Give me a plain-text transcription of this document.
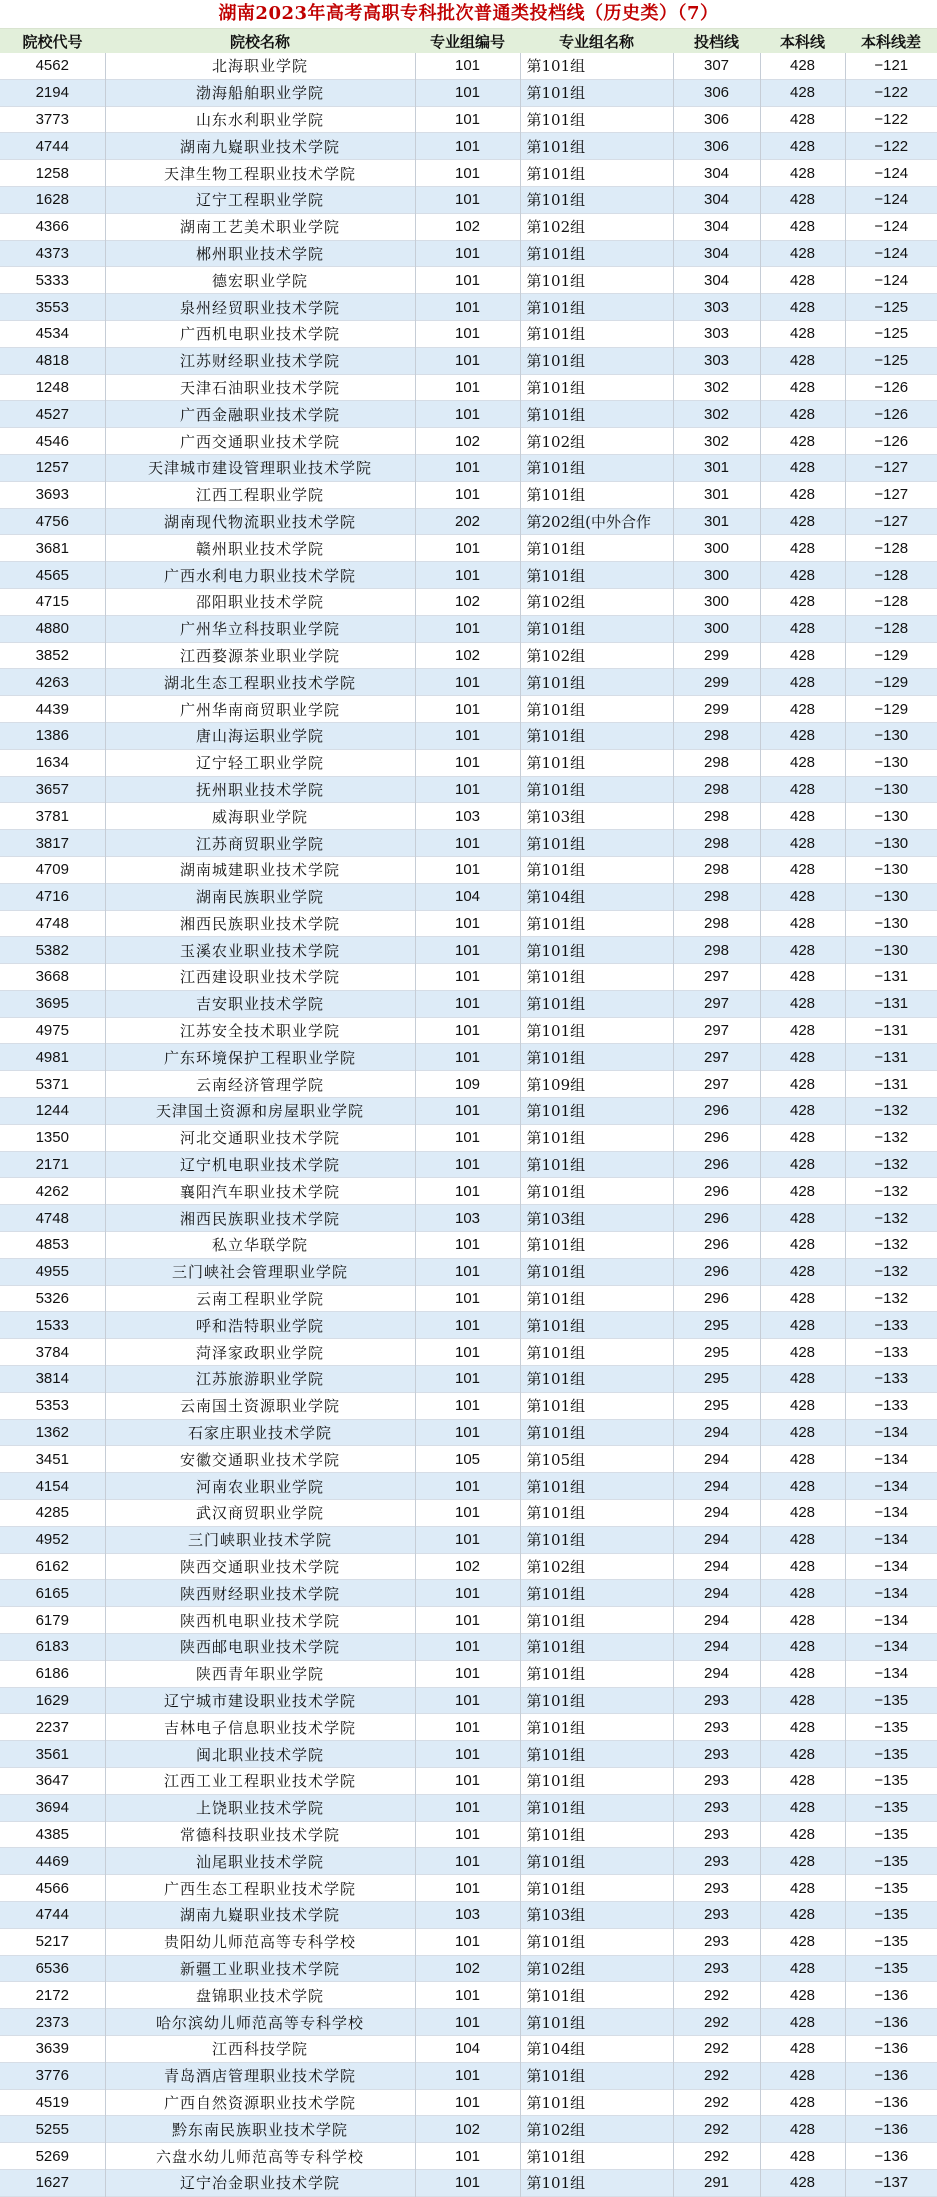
湖南2023年高考高职专科批次普通类投档线（历史类）（7）
院校代号	院校名称	专业组编号	专业组名称	投档线	本科线	本科线差
4562	北海职业学院	101	第101组	307	428	−121
2194	渤海船舶职业学院	101	第101组	306	428	−122
3773	山东水利职业学院	101	第101组	306	428	−122
4744	湖南九嶷职业技术学院	101	第101组	306	428	−122
1258	天津生物工程职业技术学院	101	第101组	304	428	−124
1628	辽宁工程职业学院	101	第101组	304	428	−124
4366	湖南工艺美术职业学院	102	第102组	304	428	−124
4373	郴州职业技术学院	101	第101组	304	428	−124
5333	德宏职业学院	101	第101组	304	428	−124
3553	泉州经贸职业技术学院	101	第101组	303	428	−125
4534	广西机电职业技术学院	101	第101组	303	428	−125
4818	江苏财经职业技术学院	101	第101组	303	428	−125
1248	天津石油职业技术学院	101	第101组	302	428	−126
4527	广西金融职业技术学院	101	第101组	302	428	−126
4546	广西交通职业技术学院	102	第102组	302	428	−126
1257	天津城市建设管理职业技术学院	101	第101组	301	428	−127
3693	江西工程职业学院	101	第101组	301	428	−127
4756	湖南现代物流职业技术学院	202	第202组(中外合作	301	428	−127
3681	赣州职业技术学院	101	第101组	300	428	−128
4565	广西水利电力职业技术学院	101	第101组	300	428	−128
4715	邵阳职业技术学院	102	第102组	300	428	−128
4880	广州华立科技职业学院	101	第101组	300	428	−128
3852	江西婺源茶业职业学院	102	第102组	299	428	−129
4263	湖北生态工程职业技术学院	101	第101组	299	428	−129
4439	广州华南商贸职业学院	101	第101组	299	428	−129
1386	唐山海运职业学院	101	第101组	298	428	−130
1634	辽宁轻工职业学院	101	第101组	298	428	−130
3657	抚州职业技术学院	101	第101组	298	428	−130
3781	威海职业学院	103	第103组	298	428	−130
3817	江苏商贸职业学院	101	第101组	298	428	−130
4709	湖南城建职业技术学院	101	第101组	298	428	−130
4716	湖南民族职业学院	104	第104组	298	428	−130
4748	湘西民族职业技术学院	101	第101组	298	428	−130
5382	玉溪农业职业技术学院	101	第101组	298	428	−130
3668	江西建设职业技术学院	101	第101组	297	428	−131
3695	吉安职业技术学院	101	第101组	297	428	−131
4975	江苏安全技术职业学院	101	第101组	297	428	−131
4981	广东环境保护工程职业学院	101	第101组	297	428	−131
5371	云南经济管理学院	109	第109组	297	428	−131
1244	天津国土资源和房屋职业学院	101	第101组	296	428	−132
1350	河北交通职业技术学院	101	第101组	296	428	−132
2171	辽宁机电职业技术学院	101	第101组	296	428	−132
4262	襄阳汽车职业技术学院	101	第101组	296	428	−132
4748	湘西民族职业技术学院	103	第103组	296	428	−132
4853	私立华联学院	101	第101组	296	428	−132
4955	三门峡社会管理职业学院	101	第101组	296	428	−132
5326	云南工程职业学院	101	第101组	296	428	−132
1533	呼和浩特职业学院	101	第101组	295	428	−133
3784	菏泽家政职业学院	101	第101组	295	428	−133
3814	江苏旅游职业学院	101	第101组	295	428	−133
5353	云南国土资源职业学院	101	第101组	295	428	−133
1362	石家庄职业技术学院	101	第101组	294	428	−134
3451	安徽交通职业技术学院	105	第105组	294	428	−134
4154	河南农业职业学院	101	第101组	294	428	−134
4285	武汉商贸职业学院	101	第101组	294	428	−134
4952	三门峡职业技术学院	101	第101组	294	428	−134
6162	陕西交通职业技术学院	102	第102组	294	428	−134
6165	陕西财经职业技术学院	101	第101组	294	428	−134
6179	陕西机电职业技术学院	101	第101组	294	428	−134
6183	陕西邮电职业技术学院	101	第101组	294	428	−134
6186	陕西青年职业学院	101	第101组	294	428	−134
1629	辽宁城市建设职业技术学院	101	第101组	293	428	−135
2237	吉林电子信息职业技术学院	101	第101组	293	428	−135
3561	闽北职业技术学院	101	第101组	293	428	−135
3647	江西工业工程职业技术学院	101	第101组	293	428	−135
3694	上饶职业技术学院	101	第101组	293	428	−135
4385	常德科技职业技术学院	101	第101组	293	428	−135
4469	汕尾职业技术学院	101	第101组	293	428	−135
4566	广西生态工程职业技术学院	101	第101组	293	428	−135
4744	湖南九嶷职业技术学院	103	第103组	293	428	−135
5217	贵阳幼儿师范高等专科学校	101	第101组	293	428	−135
6536	新疆工业职业技术学院	102	第102组	293	428	−135
2172	盘锦职业技术学院	101	第101组	292	428	−136
2373	哈尔滨幼儿师范高等专科学校	101	第101组	292	428	−136
3639	江西科技学院	104	第104组	292	428	−136
3776	青岛酒店管理职业技术学院	101	第101组	292	428	−136
4519	广西自然资源职业技术学院	101	第101组	292	428	−136
5255	黔东南民族职业技术学院	102	第102组	292	428	−136
5269	六盘水幼儿师范高等专科学校	101	第101组	292	428	−136
1627	辽宁冶金职业技术学院	101	第101组	291	428	−137
